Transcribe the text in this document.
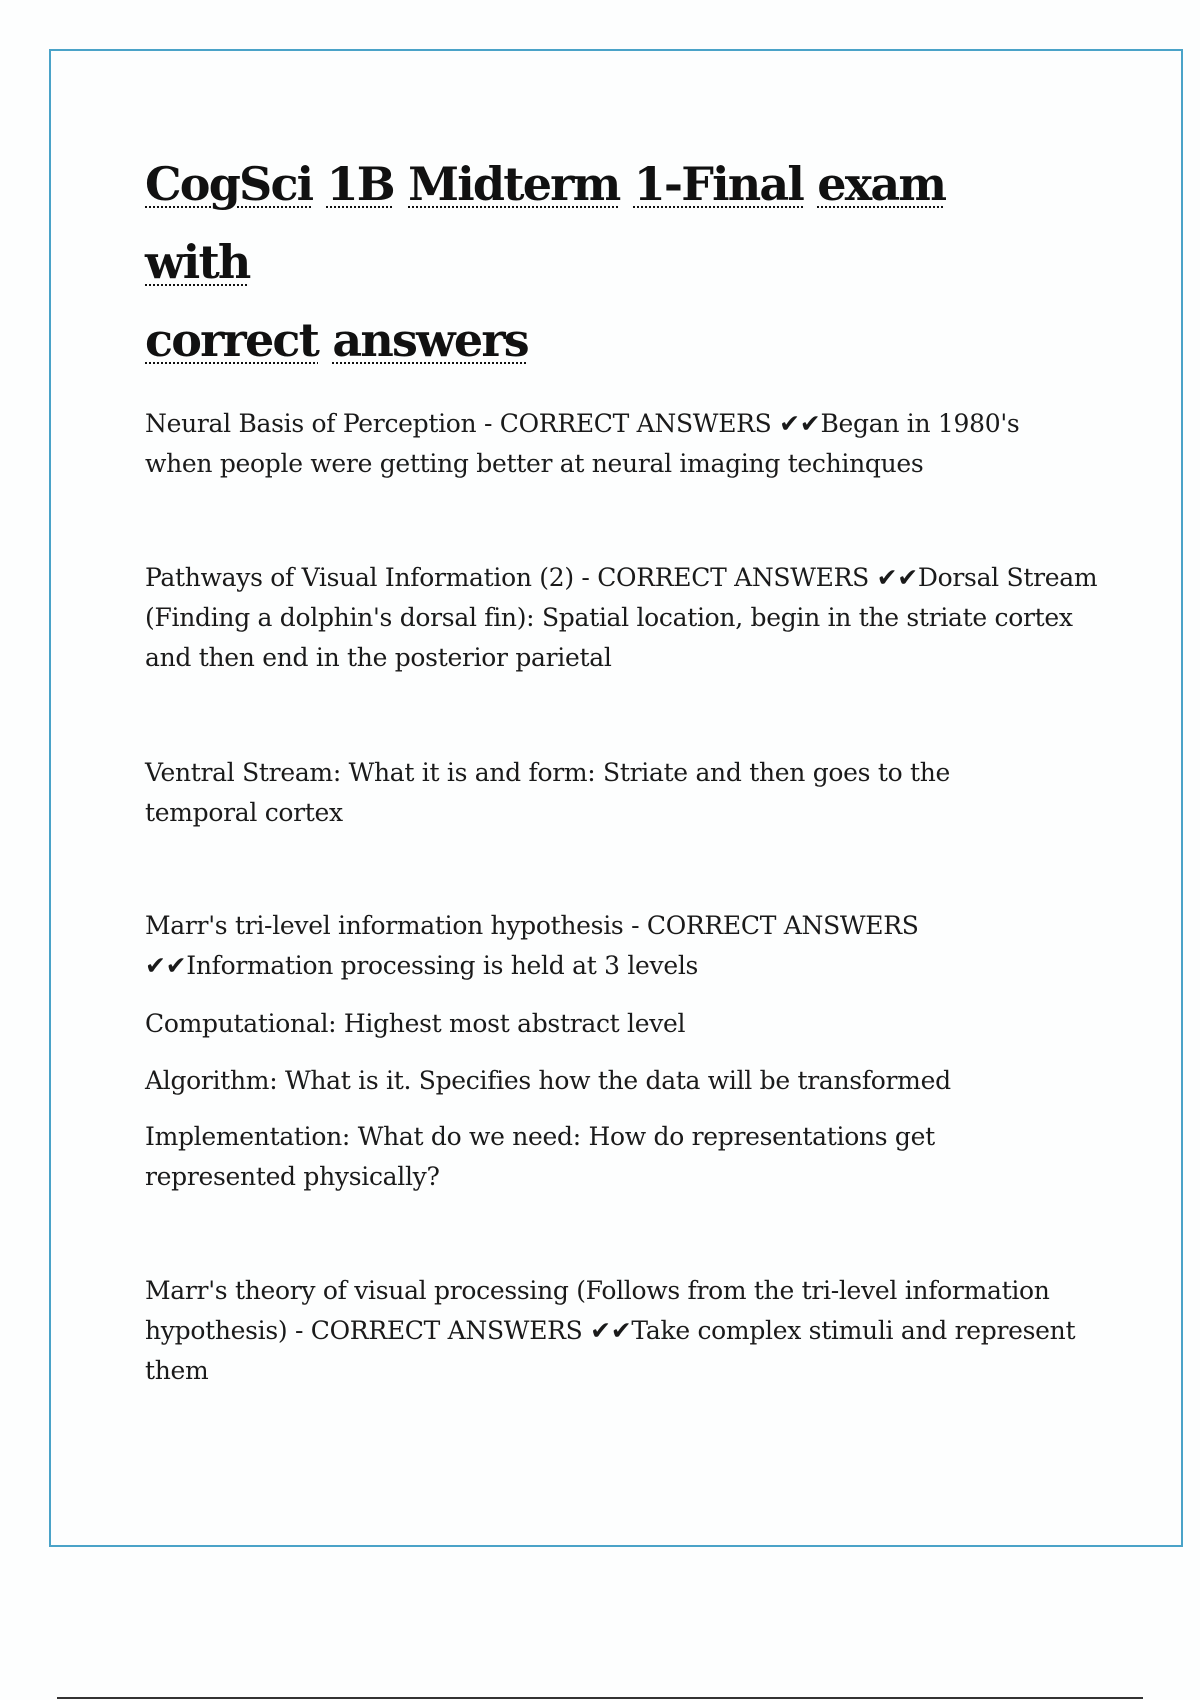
CogSci 1B Midterm 1-Final exam with
correct answers

Neural Basis of Perception - CORRECT ANSWERS ✔✔Began in 1980's when people were getting better at neural imaging techinques

Pathways of Visual Information (2) - CORRECT ANSWERS ✔✔Dorsal Stream (Finding a dolphin's dorsal fin): Spatial location, begin in the striate cortex and then end in the posterior parietal

Ventral Stream: What it is and form: Striate and then goes to the temporal cortex

Marr's tri-level information hypothesis - CORRECT ANSWERS ✔✔Information processing is held at 3 levels

Computational: Highest most abstract level

Algorithm: What is it. Specifies how the data will be transformed

Implementation: What do we need: How do representations get represented physically?

Marr's theory of visual processing (Follows from the tri-level information hypothesis) - CORRECT ANSWERS ✔✔Take complex stimuli and represent them
